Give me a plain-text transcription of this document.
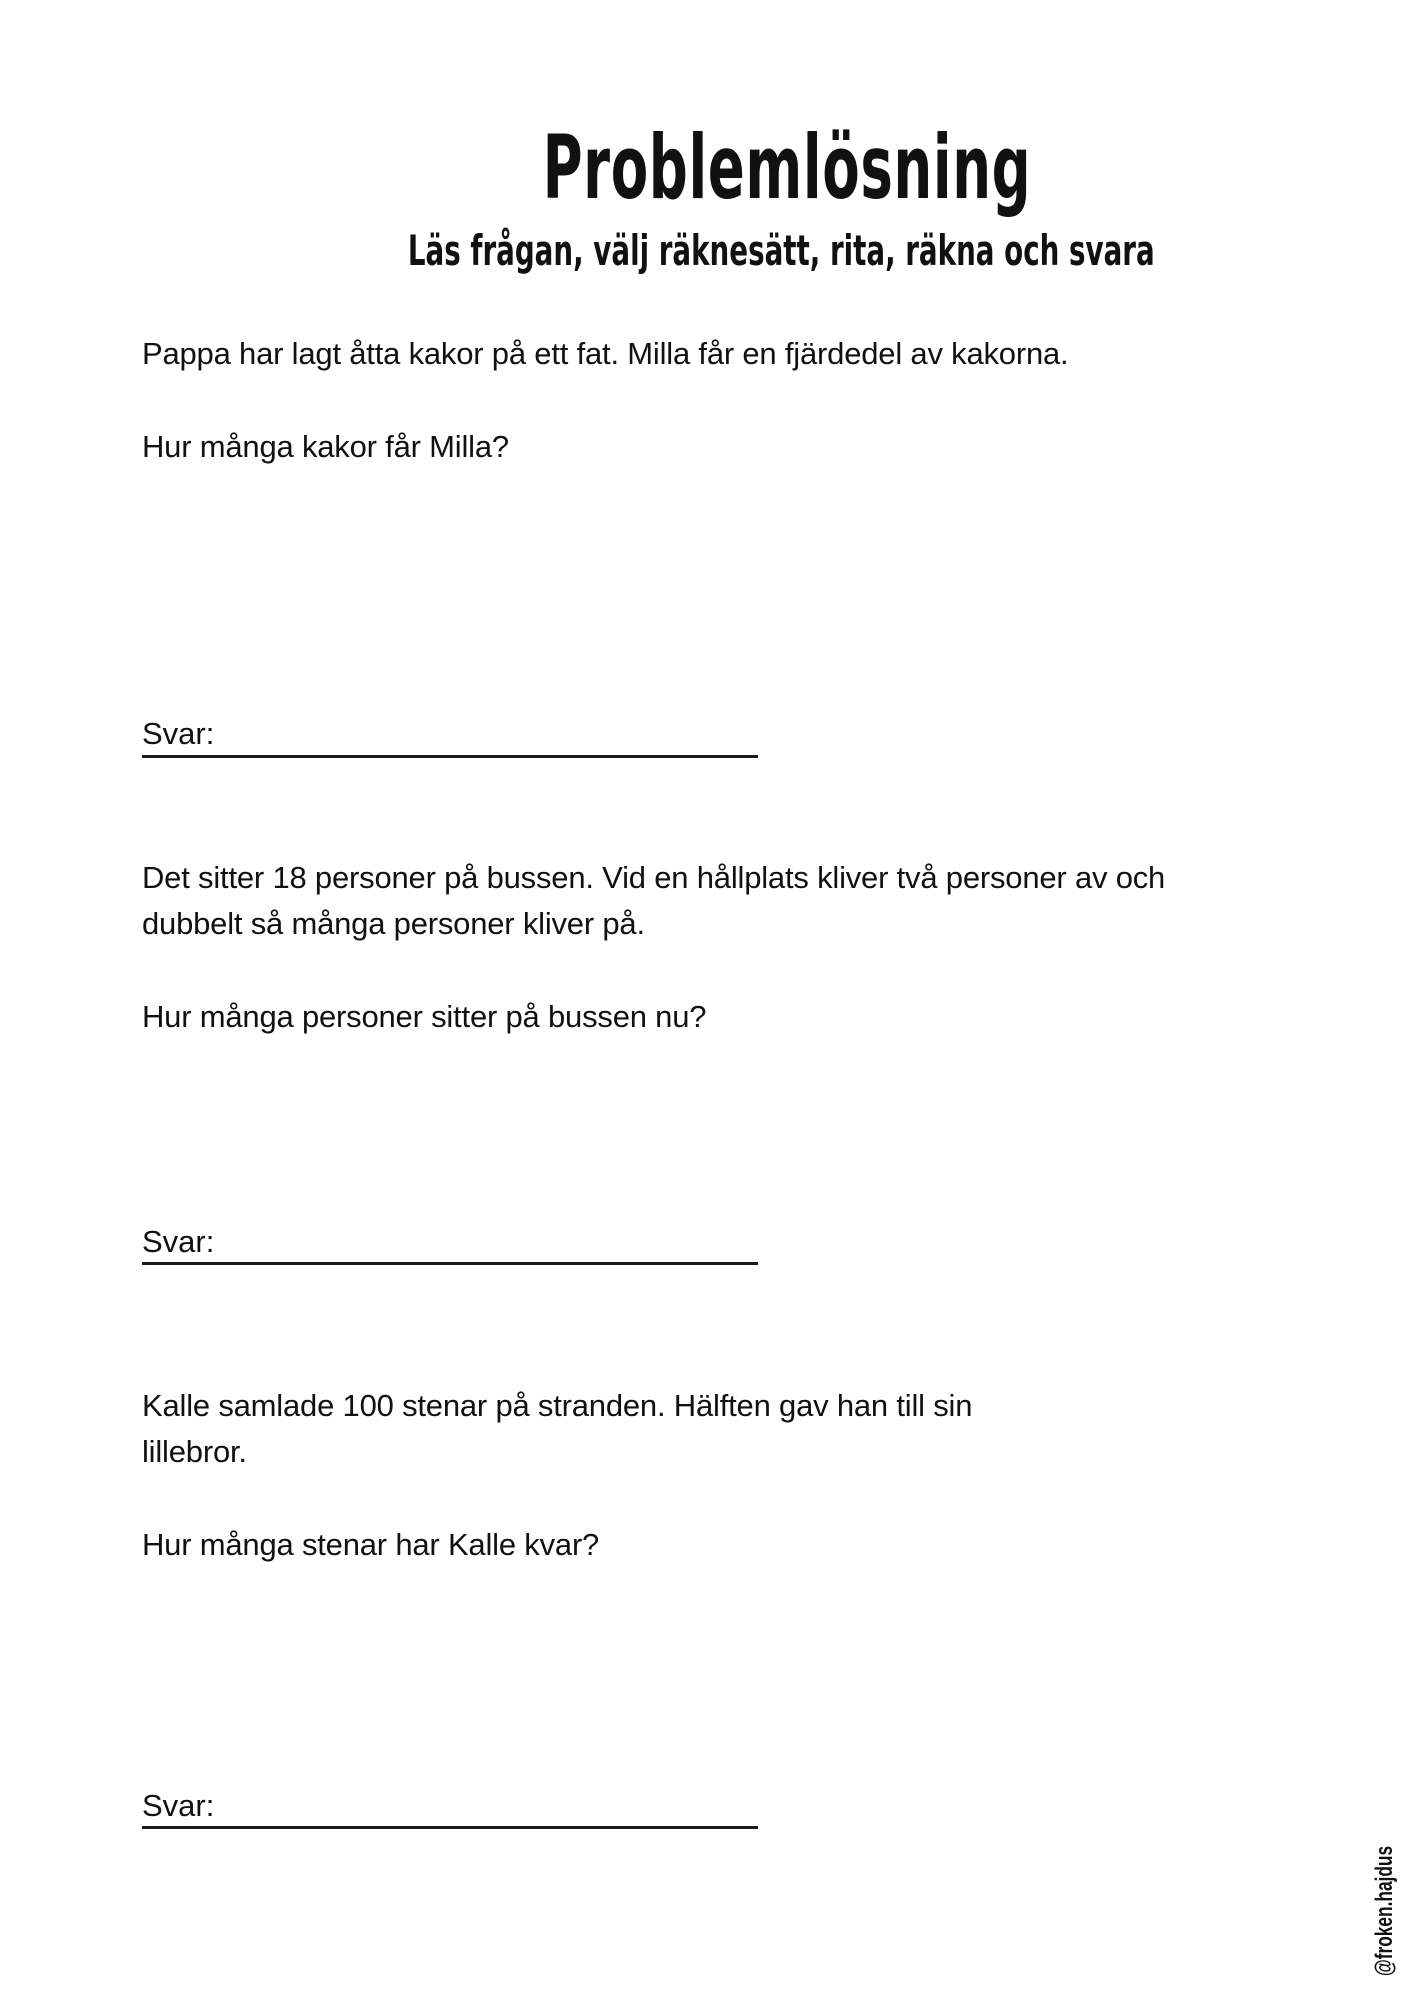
Problemlösning
Läs frågan, välj räknesätt, rita, räkna och svara
Pappa har lagt åtta kakor på ett fat. Milla får en fjärdedel av kakorna.
Hur många kakor får Milla?
Svar:
Det sitter 18 personer på bussen. Vid en hållplats kliver två personer av och
dubbelt så många personer kliver på.
Hur många personer sitter på bussen nu?
Svar:
Kalle samlade 100 stenar på stranden. Hälften gav han till sin
lillebror.
Hur många stenar har Kalle kvar?
Svar:
@froken.hajdus
